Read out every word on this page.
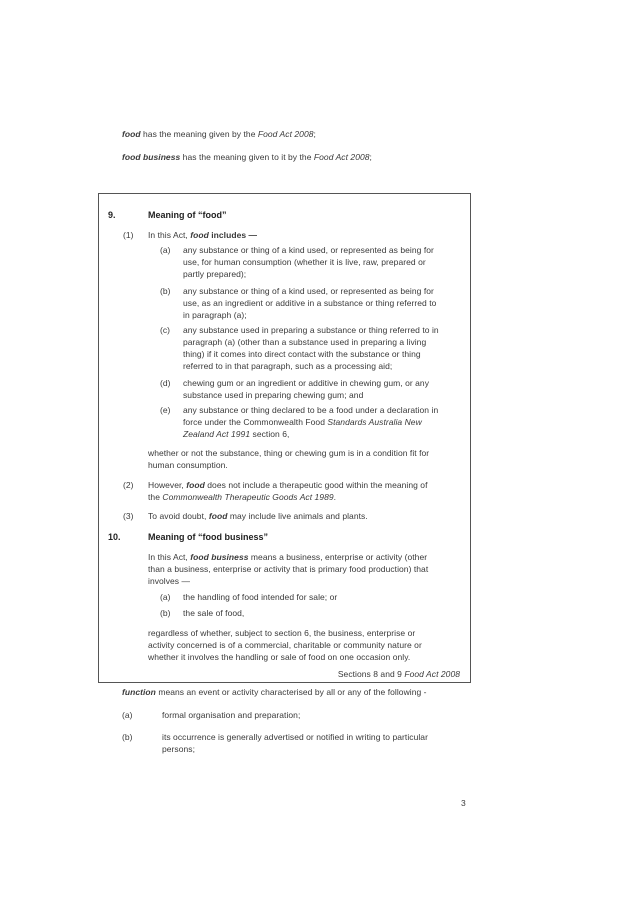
food has the meaning given by the Food Act 2008;
food business has the meaning given to it by the Food Act 2008;
9.	Meaning of “food”
(1) In this Act, food includes —
(a) any substance or thing of a kind used, or represented as being for
use, for human consumption (whether it is live, raw, prepared or
partly prepared);
(b) any substance or thing of a kind used, or represented as being for
use, as an ingredient or additive in a substance or thing referred to
in paragraph (a);
(c) any substance used in preparing a substance or thing referred to in
paragraph (a) (other than a substance used in preparing a living
thing) if it comes into direct contact with the substance or thing
referred to in that paragraph, such as a processing aid;
(d) chewing gum or an ingredient or additive in chewing gum, or any
substance used in preparing chewing gum; and
(e) any substance or thing declared to be a food under a declaration in
force under the Commonwealth Food Standards Australia New
Zealand Act 1991 section 6,
whether or not the substance, thing or chewing gum is in a condition fit for
human consumption.
(2) However, food does not include a therapeutic good within the meaning of
the Commonwealth Therapeutic Goods Act 1989.
(3) To avoid doubt, food may include live animals and plants.
10.	Meaning of “food business”
In this Act, food business means a business, enterprise or activity (other
than a business, enterprise or activity that is primary food production) that
involves —
(a) the handling of food intended for sale; or
(b) the sale of food,
regardless of whether, subject to section 6, the business, enterprise or
activity concerned is of a commercial, charitable or community nature or
whether it involves the handling or sale of food on one occasion only.
Sections 8 and 9 Food Act 2008
function means an event or activity characterised by all or any of the following -
(a)	formal organisation and preparation;
(b)	its occurrence is generally advertised or notified in writing to particular
persons;
3
